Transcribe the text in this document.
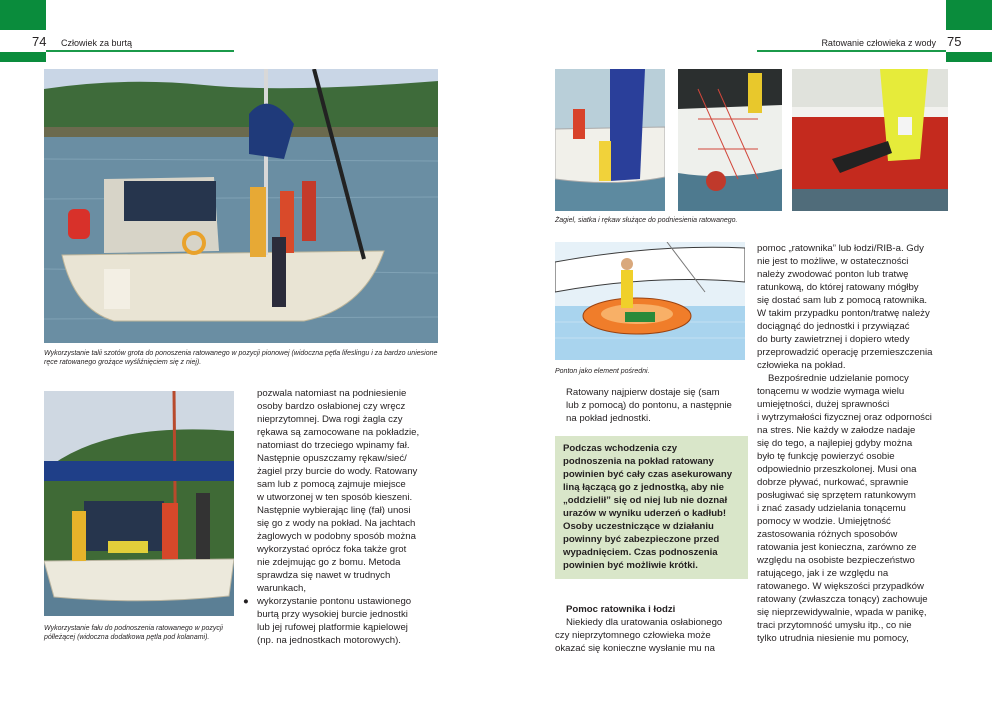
74 Człowiek za burtą	Ratowanie człowieka z wody 75
Wykorzystanie talii szotów grota do ponoszenia ratowanego w pozycji pionowej (widoczna pętla lifeslingu i za bardzo uniesione ręce ratowanego grożące wyśliźnięciem się z niej).
Wykorzystanie fału do podnoszenia ratowanego w pozycji półleżącej (widoczna dodatkowa pętla pod kolanami).
pozwala natomiast na podniesienie
osoby bardzo osłabionej czy wręcz
nieprzytomnej. Dwa rogi żagla czy
rękawa są zamocowane na pokładzie,
natomiast do trzeciego wpinamy fał.
Następnie opuszczamy rękaw/sieć/
żagiel przy burcie do wody. Ratowany
sam lub z pomocą zajmuje miejsce
w utworzonej w ten sposób kieszeni.
Następnie wybierając linę (fał) unosi
się go z wody na pokład. Na jachtach
żaglowych w podobny sposób można
wykorzystać oprócz foka także grot
nie zdejmując go z bomu. Metoda
sprawdza się nawet w trudnych
warunkach,
● wykorzystanie pontonu ustawionego
burtą przy wysokiej burcie jednostki
lub jej rufowej platformie kąpielowej
(np. na jednostkach motorowych).
Żagiel, siatka i rękaw służące do podniesienia ratowanego.
Ponton jako element pośredni.
Ratowany najpierw dostaje się (sam
lub z pomocą) do pontonu, a następnie
na pokład jednostki.
Podczas wchodzenia czy
podnoszenia na pokład ratowany
powinien być cały czas asekurowany
liną łączącą go z jednostką, aby nie
„oddzielił” się od niej lub nie doznał
urazów w wyniku uderzeń o kadłub!
Osoby uczestniczące w działaniu
powinny być zabezpieczone przed
wypadnięciem. Czas podnoszenia
powinien być możliwie krótki.
Pomoc ratownika i łodzi
Niekiedy dla uratowania osłabionego
czy nieprzytomnego człowieka może
okazać się konieczne wysłanie mu na
pomoc „ratownika” lub łodzi/RIB-a. Gdy
nie jest to możliwe, w ostateczności
należy zwodować ponton lub tratwę
ratunkową, do której ratowany mógłby
się dostać sam lub z pomocą ratownika.
W takim przypadku ponton/tratwę należy
dociągnąć do jednostki i przywiązać
do burty zawietrznej i dopiero wtedy
przeprowadzić operację przemieszczenia
człowieka na pokład.
Bezpośrednie udzielanie pomocy
tonącemu w wodzie wymaga wielu
umiejętności, dużej sprawności
i wytrzymałości fizycznej oraz odporności
na stres. Nie każdy w załodze nadaje
się do tego, a najlepiej gdyby można
było tę funkcję powierzyć osobie
odpowiednio przeszkolonej. Musi ona
dobrze pływać, nurkować, sprawnie
posługiwać się sprzętem ratunkowym
i znać zasady udzielania tonącemu
pomocy w wodzie. Umiejętność
zastosowania różnych sposobów
ratowania jest konieczna, zarówno ze
względu na osobiste bezpieczeństwo
ratującego, jak i ze względu na
ratowanego. W większości przypadków
ratowany (zwłaszcza tonący) zachowuje
się nieprzewidywalnie, wpada w panikę,
traci przytomność umysłu itp., co nie
tylko utrudnia niesienie mu pomocy,
